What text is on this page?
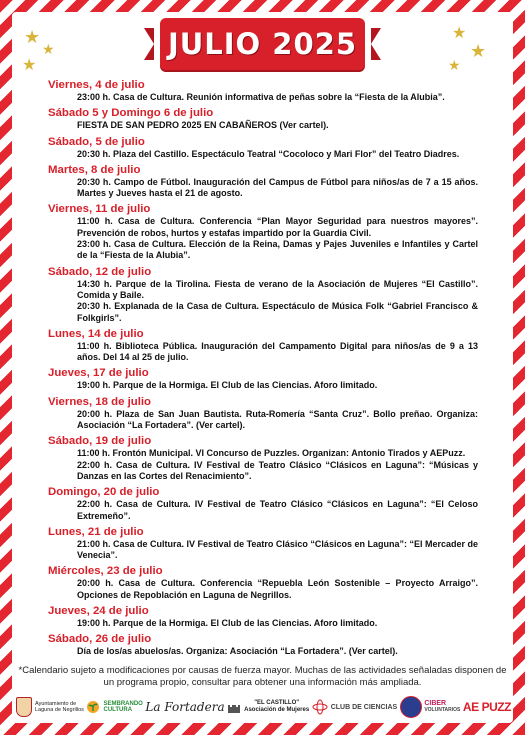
★
★
★
★
★
★
JULIO 2025
Viernes, 4 de julio
23:00 h. Casa de Cultura. Reunión informativa de peñas sobre la “Fiesta de la Alubia”.
Sábado 5 y Domingo 6 de julio
FIESTA DE SAN PEDRO 2025 EN CABAÑEROS (Ver cartel).
Sábado, 5 de julio
20:30 h. Plaza del Castillo. Espectáculo Teatral “Cocoloco y Mari Flor” del Teatro Diadres.
Martes, 8 de julio
20:30 h. Campo de Fútbol. Inauguración del Campus de Fútbol para niños/as de 7 a 15 años. Martes y Jueves hasta el 21 de agosto.
Viernes, 11 de julio
11:00 h. Casa de Cultura. Conferencia “Plan Mayor Seguridad para nuestros mayores”. Prevención de robos, hurtos y estafas impartido por la Guardia Civil.
23:00 h. Casa de Cultura. Elección de la Reina, Damas y Pajes Juveniles e Infantiles y Cartel de la “Fiesta de la Alubia”.
Sábado, 12 de julio
14:30 h. Parque de la Tirolina. Fiesta de verano de la Asociación de Mujeres “El Castillo”. Comida y Baile.
20:30 h. Explanada de la Casa de Cultura. Espectáculo de Música Folk “Gabriel Francisco & Folkgirls”.
Lunes, 14 de julio
11:00 h. Biblioteca Pública. Inauguración del Campamento Digital para niños/as de 9 a 13 años. Del 14 al 25 de julio.
Jueves, 17 de julio
19:00 h. Parque de la Hormiga. El Club de las Ciencias. Aforo limitado.
Viernes, 18 de julio
20:00 h. Plaza de San Juan Bautista. Ruta-Romería “Santa Cruz”. Bollo preñao. Organiza: Asociación “La Fortadera”. (Ver cartel).
Sábado, 19 de julio
11:00 h. Frontón Municipal. VI Concurso de Puzzles. Organizan: Antonio Tirados y AEPuzz.
22:00 h. Casa de Cultura. IV Festival de Teatro Clásico “Clásicos en Laguna”: “Músicas y Danzas en las Cortes del Renacimiento”.
Domingo, 20 de julio
22:00 h. Casa de Cultura. IV Festival de Teatro Clásico “Clásicos en Laguna”: “El Celoso Extremeño”.
Lunes, 21 de julio
21:00 h. Casa de Cultura. IV Festival de Teatro Clásico “Clásicos en Laguna”: “El Mercader de Venecia”.
Miércoles, 23 de julio
20:00 h. Casa de Cultura. Conferencia “Repuebla León Sostenible – Proyecto Arraigo”. Opciones de Repoblación en Laguna de Negrillos.
Jueves, 24 de julio
19:00 h. Parque de la Hormiga. El Club de las Ciencias. Aforo limitado.
Sábado, 26 de julio
Día de los/as abuelos/as. Organiza: Asociación “La Fortadera”. (Ver cartel).
*Calendario sujeto a modificaciones por causas de fuerza mayor. Muchas de las actividades señaladas disponen de un programa propio, consultar para obtener una información más ampliada.
Ayuntamiento de
Laguna de Negrillos
SEMBRANDO
CULTURA	La Fortadera	"EL CASTILLO"
Asociación de Mujeres	CLUB DE CIENCIAS	CIBER
VOLUNTARIOS AE PUZZ
